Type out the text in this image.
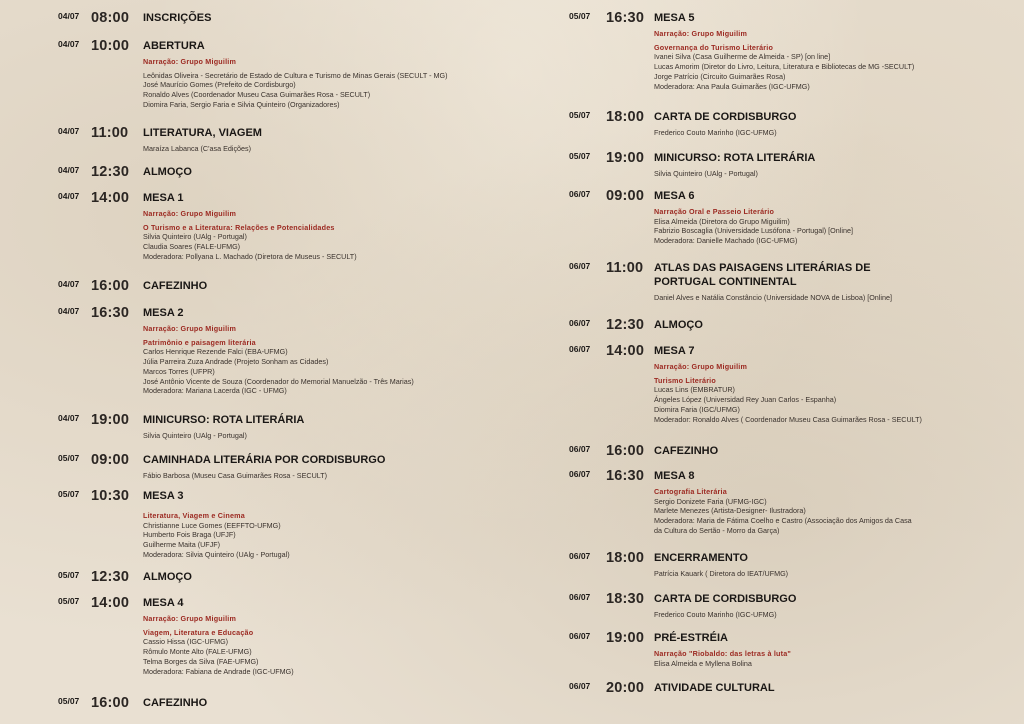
04/07 08:00 INSCRIÇÕES
04/07 10:00 ABERTURA
Narração: Grupo Miguilim
Leônidas Oliveira - Secretário de Estado de Cultura e Turismo de Minas Gerais (SECULT - MG)
José Maurício Gomes (Prefeito de Cordisburgo)
Ronaldo Alves (Coordenador Museu Casa Guimarães Rosa - SECULT)
Diomira Faria, Sergio Faria e Silvia Quinteiro (Organizadores)
04/07 11:00 LITERATURA, VIAGEM
Maraíza Labanca (C'asa Edições)
04/07 12:30 ALMOÇO
04/07 14:00 MESA 1
Narração: Grupo Miguilim
O Turismo e a Literatura: Relações e Potencialidades
Silvia Quinteiro (UAlg - Portugal)
Claudia Soares (FALE-UFMG)
Moderadora: Pollyana L. Machado (Diretora de Museus - SECULT)
04/07 16:00 CAFEZINHO
04/07 16:30 MESA 2
Narração: Grupo Miguilim
Patrimônio e paisagem literária
Carlos Henrique Rezende Falci (EBA-UFMG)
Júlia Parreira Zuza Andrade (Projeto Sonham as Cidades)
Marcos Torres (UFPR)
José Antônio Vicente de Souza (Coordenador do Memorial Manuelzão - Três Marias)
Moderadora: Mariana Lacerda (IGC - UFMG)
04/07 19:00 MINICURSO: ROTA LITERÁRIA
Silvia Quinteiro (UAlg - Portugal)
05/07 09:00 CAMINHADA LITERÁRIA POR CORDISBURGO
Fábio Barbosa (Museu Casa Guimarães Rosa - SECULT)
05/07 10:30 MESA 3
Literatura, Viagem e Cinema
Christianne Luce Gomes (EEFFTO-UFMG)
Humberto Fois Braga (UFJF)
Guilherme Maita (UFJF)
Moderadora: Silvia Quinteiro (UAlg - Portugal)
05/07 12:30 ALMOÇO
05/07 14:00 MESA 4
Narração: Grupo Miguilim
Viagem, Literatura e Educação
Cassio Hissa (IGC-UFMG)
Rômulo Monte Alto (FALE-UFMG)
Telma Borges da Silva (FAE-UFMG)
Moderadora: Fabiana de Andrade (IGC-UFMG)
05/07 16:00 CAFEZINHO
05/07 16:30 MESA 5
Narração: Grupo Miguilim
Governança do Turismo Literário
Ivanei Silva (Casa Guilherme de Almeida - SP) [on line]
Lucas Amorim (Diretor do Livro, Leitura, Literatura e Bibliotecas de MG -SECULT)
Jorge Patrício (Circuito Guimarães Rosa)
Moderadora: Ana Paula Guimarães (IGC-UFMG)
05/07 18:00 CARTA DE CORDISBURGO
Frederico Couto Marinho (IGC-UFMG)
05/07 19:00 MINICURSO: ROTA LITERÁRIA
Silvia Quinteiro (UAlg - Portugal)
06/07 09:00 MESA 6
Narração Oral e Passeio Literário
Elisa Almeida (Diretora do Grupo Miguilim)
Fabrizio Boscaglia (Universidade Lusófona - Portugal) [Online]
Moderadora: Danielle Machado (IGC-UFMG)
06/07 11:00 ATLAS DAS PAISAGENS LITERÁRIAS DE
PORTUGAL CONTINENTAL
Daniel Alves e Natália Constâncio (Universidade NOVA de Lisboa) [Online]
06/07 12:30 ALMOÇO
06/07 14:00 MESA 7
Narração: Grupo Miguilim
Turismo Literário
Lucas Lins (EMBRATUR)
Ángeles López (Universidad Rey Juan Carlos - Espanha)
Diomira Faria (IGC/UFMG)
Moderador: Ronaldo Alves ( Coordenador Museu Casa Guimarães Rosa - SECULT)
06/07 16:00 CAFEZINHO
06/07 16:30 MESA 8
Cartografia Literária
Sergio Donizete Faria (UFMG-IGC)
Marlete Menezes (Artista-Designer- Ilustradora)
Moderadora: Maria de Fátima Coelho e Castro (Associação dos Amigos da Casa
da Cultura do Sertão - Morro da Garça)
06/07 18:00 ENCERRAMENTO
Patrícia Kauark ( Diretora do IEAT/UFMG)
06/07 18:30 CARTA DE CORDISBURGO
Frederico Couto Marinho (IGC-UFMG)
06/07 19:00 PRÉ-ESTRÉIA
Narração "Riobaldo: das letras à luta"
Elisa Almeida e Myllena Bolina
06/07 20:00 ATIVIDADE CULTURAL
